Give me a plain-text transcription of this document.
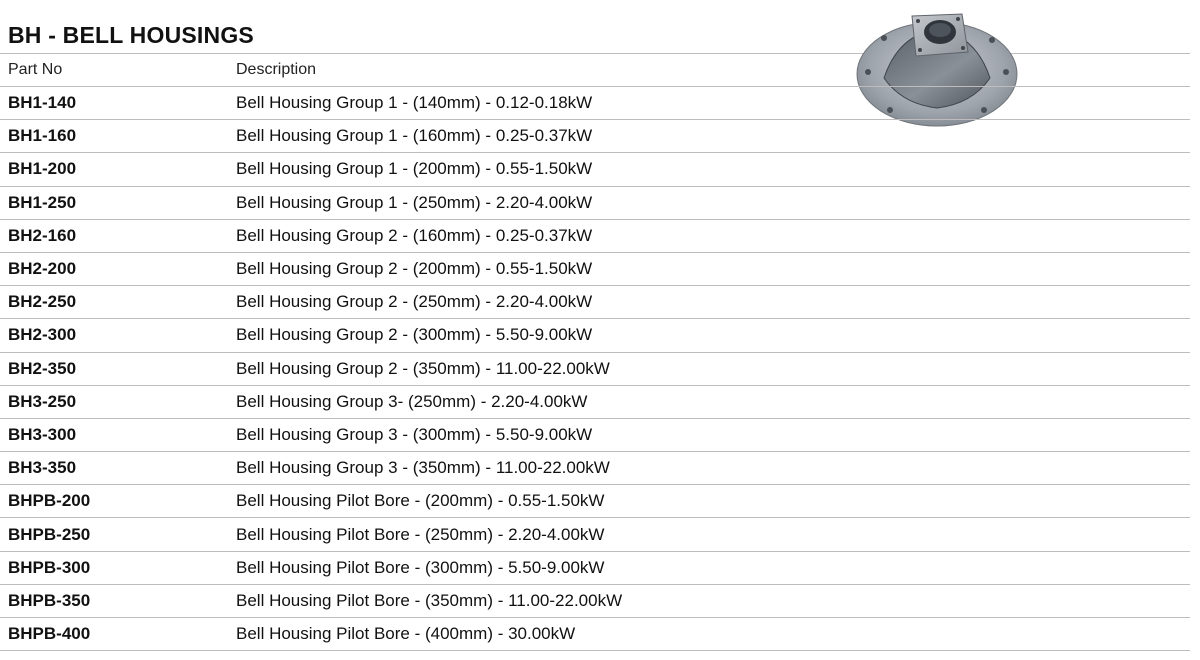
BH - BELL HOUSINGS
Part No	Description
BH1-140	Bell Housing Group 1 - (140mm) - 0.12-0.18kW
BH1-160	Bell Housing Group 1 - (160mm) - 0.25-0.37kW
BH1-200	Bell Housing Group 1 - (200mm) - 0.55-1.50kW
BH1-250	Bell Housing Group 1 - (250mm) - 2.20-4.00kW
BH2-160	Bell Housing Group 2 - (160mm) - 0.25-0.37kW
BH2-200	Bell Housing Group 2 - (200mm) - 0.55-1.50kW
BH2-250	Bell Housing Group 2 - (250mm) - 2.20-4.00kW
BH2-300	Bell Housing Group 2 - (300mm) - 5.50-9.00kW
BH2-350	Bell Housing Group 2 - (350mm) - 11.00-22.00kW
BH3-250	Bell Housing Group 3- (250mm) - 2.20-4.00kW
BH3-300	Bell Housing Group 3 - (300mm) - 5.50-9.00kW
BH3-350	Bell Housing Group 3 - (350mm) - 11.00-22.00kW
BHPB-200	Bell Housing Pilot Bore - (200mm) - 0.55-1.50kW
BHPB-250	Bell Housing Pilot Bore - (250mm) - 2.20-4.00kW
BHPB-300	Bell Housing Pilot Bore - (300mm) - 5.50-9.00kW
BHPB-350	Bell Housing Pilot Bore - (350mm) - 11.00-22.00kW
BHPB-400	Bell Housing Pilot Bore - (400mm) - 30.00kW
